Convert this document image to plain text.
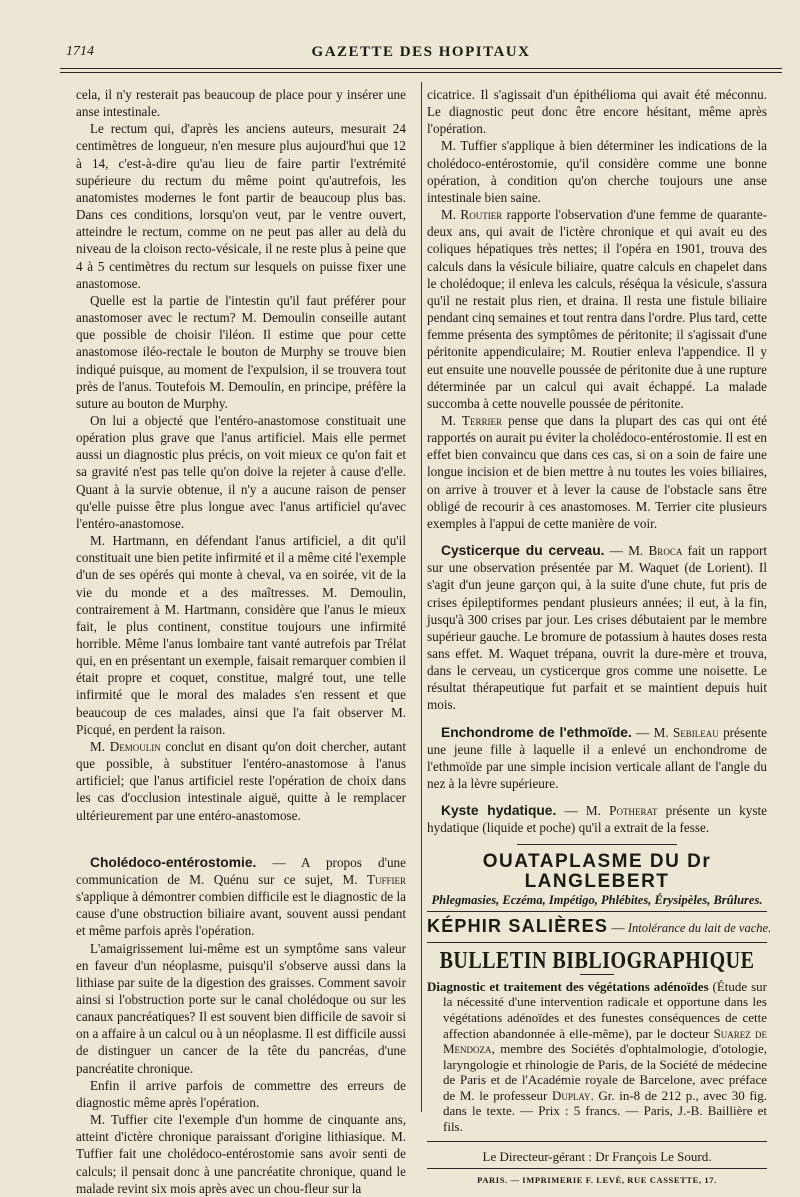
1714	GAZETTE DES HOPITAUX

cela, il n'y resterait pas beaucoup de place pour y insérer une anse intestinale.

Le rectum qui, d'après les anciens auteurs, mesurait 24 centimètres de longueur, n'en mesure plus aujourd'hui que 12 à 14, c'est-à-dire qu'au lieu de faire partir l'extrémité supérieure du rectum du même point qu'autrefois, les anatomistes modernes le font partir de beaucoup plus bas. Dans ces conditions, lorsqu'on veut, par le ventre ouvert, atteindre le rectum, comme on ne peut pas aller au delà du niveau de la cloison recto-vésicale, il ne reste plus à peine que 4 à 5 centimètres du rectum sur lesquels on puisse fixer une anastomose.

Quelle est la partie de l'intestin qu'il faut préférer pour anastomoser avec le rectum? M. Demoulin conseille autant que possible de choisir l'iléon. Il estime que pour cette anastomose iléo-rectale le bouton de Murphy se trouve bien indiqué puisque, au moment de l'expulsion, il se trouvera tout près de l'anus. Toutefois M. Demoulin, en principe, préfère la suture au bouton de Murphy.

On lui a objecté que l'entéro-anastomose constituait une opération plus grave que l'anus artificiel. Mais elle permet aussi un diagnostic plus précis, on voit mieux ce qu'on fait et sa gravité n'est pas telle qu'on doive la rejeter à cause d'elle. Quant à la survie obtenue, il n'y a aucune raison de penser qu'elle puisse être plus longue avec l'anus artificiel qu'avec l'entéro-anastomose.

M. Hartmann, en défendant l'anus artificiel, a dit qu'il constituait une bien petite infirmité et il a même cité l'exemple d'un de ses opérés qui monte à cheval, va en soirée, vit de la vie du monde et a des maîtresses. M. Demoulin, contrairement à M. Hartmann, considère que l'anus le mieux fait, le plus continent, constitue toujours une infirmité horrible. Même l'anus lombaire tant vanté autrefois par Trélat qui, en en présentant un exemple, faisait remarquer combien il était propre et coquet, constitue, malgré tout, une telle infirmité que le moral des malades s'en ressent et que beaucoup de ces malades, ainsi que l'a fait observer M. Picqué, en perdent la raison.

M. Demoulin conclut en disant qu'on doit chercher, autant que possible, à substituer l'entéro-anastomose à l'anus artificiel; que l'anus artificiel reste l'opération de choix dans les cas d'occlusion intestinale aiguë, quitte à le remplacer ultérieurement par une entéro-anastomose.

Cholédoco-entérostomie. — A propos d'une communication de M. Quénu sur ce sujet, M. Tuffier s'applique à démontrer combien difficile est le diagnostic de la cause d'une obstruction biliaire avant, souvent aussi pendant et même parfois après l'opération.

L'amaigrissement lui-même est un symptôme sans valeur en faveur d'un néoplasme, puisqu'il s'observe aussi dans la lithiase par suite de la digestion des graisses. Comment savoir ainsi si l'obstruction porte sur le canal cholédoque ou sur les canaux pancréatiques? Il est souvent bien difficile de savoir si on a affaire à un calcul ou à un néoplasme. Il est difficile aussi de distinguer un cancer de la tête du pancréas, d'une pancréatite chronique.

Enfin il arrive parfois de commettre des erreurs de diagnostic même après l'opération.

M. Tuffier cite l'exemple d'un homme de cinquante ans, atteint d'ictère chronique paraissant d'origine lithiasique. M. Tuffier fait une cholédoco-entérostomie sans avoir senti de calculs; il pensait donc à une pancréatite chronique, quand le malade revint six mois après avec un chou-fleur sur la

cicatrice. Il s'agissait d'un épithélioma qui avait été méconnu. Le diagnostic peut donc être encore hésitant, même après l'opération.

M. Tuffier s'applique à bien déterminer les indications de la cholédoco-entérostomie, qu'il considère comme une bonne opération, à condition qu'on cherche toujours une anse intestinale bien saine.

M. Routier rapporte l'observation d'une femme de quarante-deux ans, qui avait de l'ictère chronique et qui avait eu des coliques hépatiques très nettes; il l'opéra en 1901, trouva des calculs dans la vésicule biliaire, quatre calculs en chapelet dans le cholédoque; il enleva les calculs, réséqua la vésicule, s'assura qu'il ne restait plus rien, et draina. Il resta une fistule biliaire pendant cinq semaines et tout rentra dans l'ordre. Plus tard, cette femme présenta des symptômes de péritonite; il s'agissait d'une péritonite appendiculaire; M. Routier enleva l'appendice. Il y eut ensuite une nouvelle poussée de péritonite due à une rupture déterminée par un calcul qui avait échappé. La malade succomba à cette nouvelle poussée de péritonite.

M. Terrier pense que dans la plupart des cas qui ont été rapportés on aurait pu éviter la cholédoco-entérostomie. Il est en effet bien convaincu que dans ces cas, si on a soin de faire une longue incision et de bien mettre à nu toutes les voies biliaires, on arrive à trouver et à lever la cause de l'obstacle sans être obligé de recourir à ces anastomoses. M. Terrier cite plusieurs exemples à l'appui de cette manière de voir.

Cysticerque du cerveau. — M. Broca fait un rapport sur une observation présentée par M. Waquet (de Lorient). Il s'agit d'un jeune garçon qui, à la suite d'une chute, fut pris de crises épileptiformes pendant plusieurs années; il eut, à la fin, jusqu'à 300 crises par jour. Les crises débutaient par le membre supérieur gauche. Le bromure de potassium à hautes doses resta sans effet. M. Waquet trépana, ouvrit la dure-mère et trouva, dans le cerveau, un cysticerque gros comme une noisette. Le résultat thérapeutique fut parfait et se maintient depuis huit mois.

Enchondrome de l'ethmoïde. — M. Sebileau présente une jeune fille à laquelle il a enlevé un enchondrome de l'ethmoïde par une simple incision verticale allant de l'angle du nez à la lèvre supérieure.

Kyste hydatique. — M. Potherat présente un kyste hydatique (liquide et poche) qu'il a extrait de la fesse.

OUATAPLASME DU Dr LANGLEBERT
Phlegmasies, Eczéma, Impétigo, Phlébites, Érysipèles, Brûlures.
KÉPHIR SALIÈRES — Intolérance du lait de vache.
BULLETIN BIBLIOGRAPHIQUE

Diagnostic et traitement des végétations adénoïdes (Étude sur la nécessité d'une intervention radicale et opportune dans les végétations adénoïdes et des funestes conséquences de cette affection abandonnée à elle-même), par le docteur Suarez de Mendoza, membre des Sociétés d'ophtalmologie, d'otologie, laryngologie et rhinologie de Paris, de la Société de médecine de Paris et de l'Académie royale de Barcelone, avec préface de M. le professeur Duplay. Gr. in-8 de 212 p., avec 30 fig. dans le texte. — Prix : 5 francs. — Paris, J.-B. Baillière et fils.

Le Directeur-gérant : Dr François Le Sourd.
PARIS. — IMPRIMERIE F. LEVÉ, RUE CASSETTE, 17.
